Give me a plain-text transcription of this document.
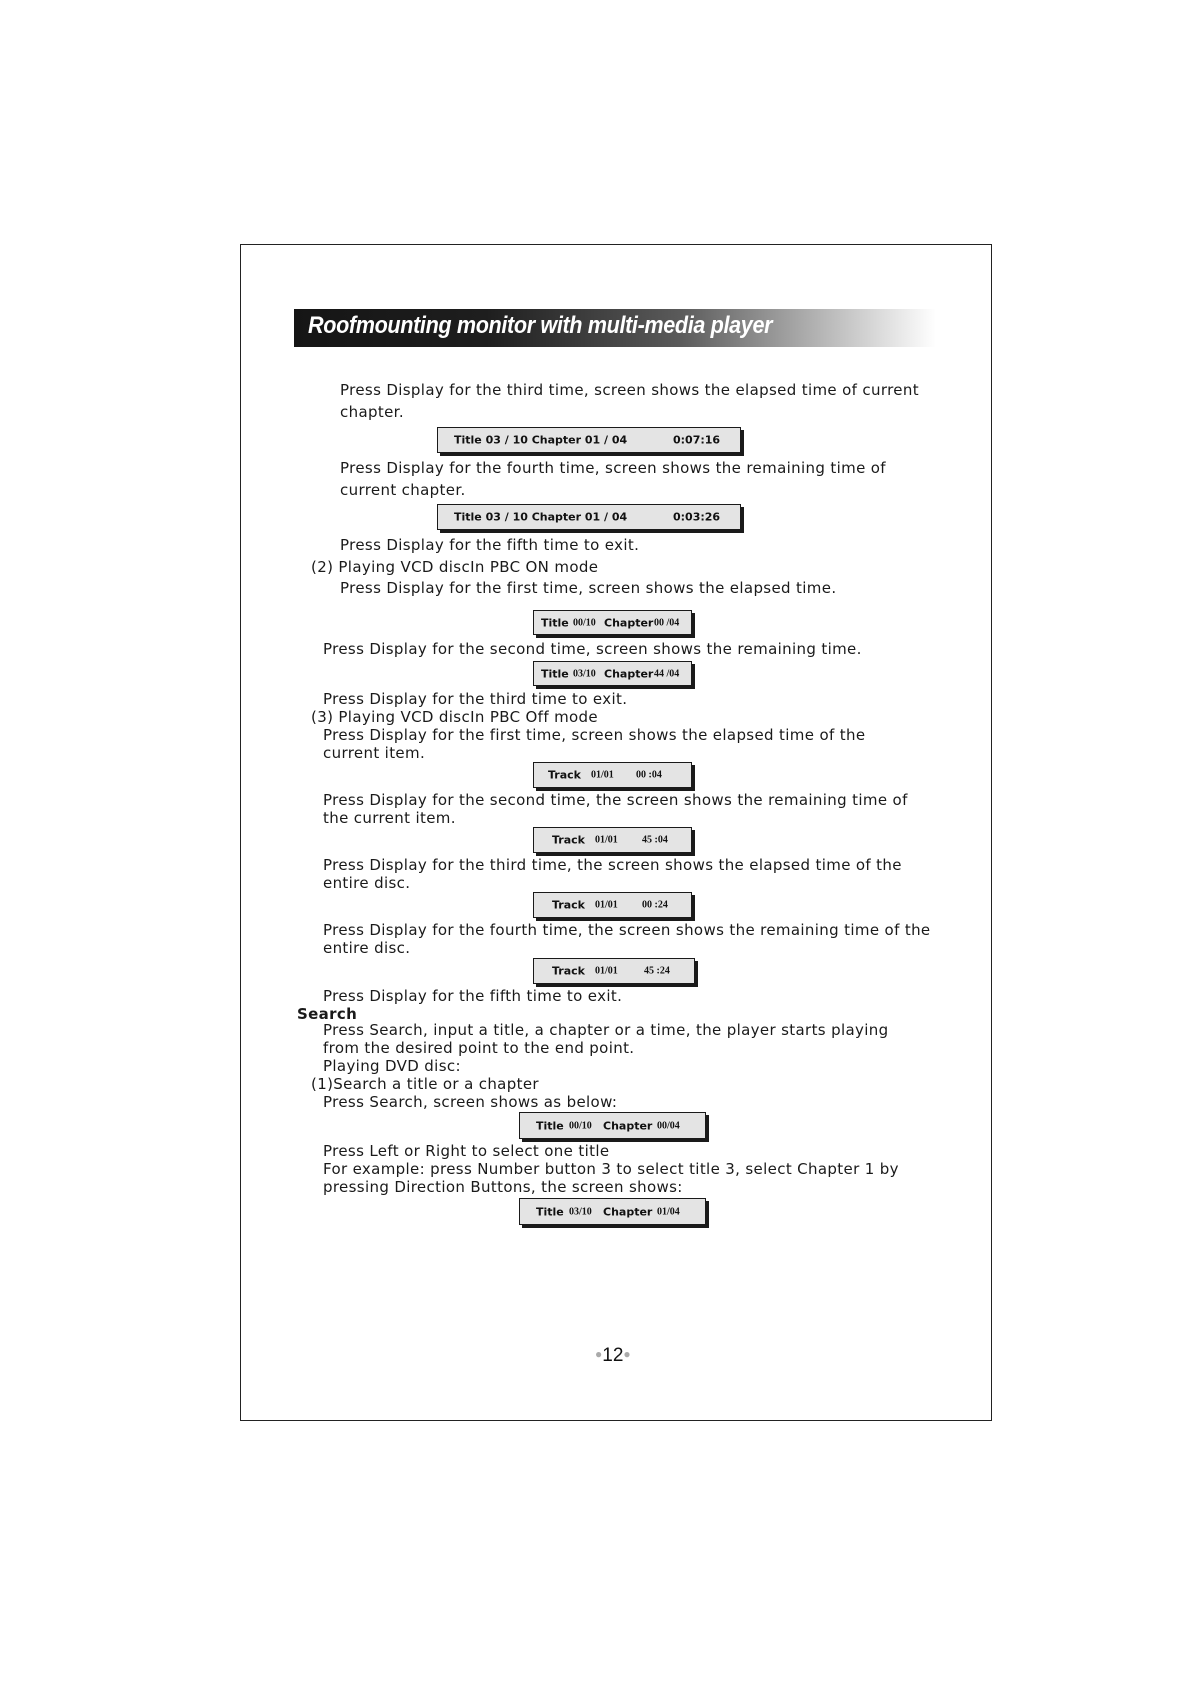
Roofmounting monitor with multi-media player
Press Display for the third time, screen shows the elapsed time of current
chapter.
Title 03 / 10 Chapter 01 / 04	0:07:16
Press Display for the fourth time, screen shows the remaining time of
current chapter.
Title 03 / 10 Chapter 01 / 04	0:03:26
Press Display for the fifth time to exit.
(2) Playing VCD discIn PBC ON mode
Press Display for the first time, screen shows the elapsed time.
Title 00/10 Chapter 00 /04
Press Display for the second time, screen shows the remaining time.
Title 03/10 Chapter 44 /04
Press Display for the third time to exit.
(3) Playing VCD discIn PBC Off mode
Press Display for the first time, screen shows the elapsed time of the
current item.
Track 01/01 00 :04
Press Display for the second time, the screen shows the remaining time of
the current item.
Track 01/01 45 :04
Press Display for the third time, the screen shows the elapsed time of the
entire disc.
Track 01/01 00 :24
Press Display for the fourth time, the screen shows the remaining time of the
entire disc.
Track 01/01	45 :24
Press Display for the fifth time to exit.
Search
Press Search, input a title, a chapter or a time, the player starts playing
from the desired point to the end point.
Playing DVD disc:
(1)Search a title or a chapter
Press Search, screen shows as below:
Title 00/10 Chapter 00/04
Press Left or Right to select one title
For example: press Number button 3 to select title 3, select Chapter 1 by
pressing Direction Buttons, the screen shows:
Title 03/10 Chapter 01/04
●12●
